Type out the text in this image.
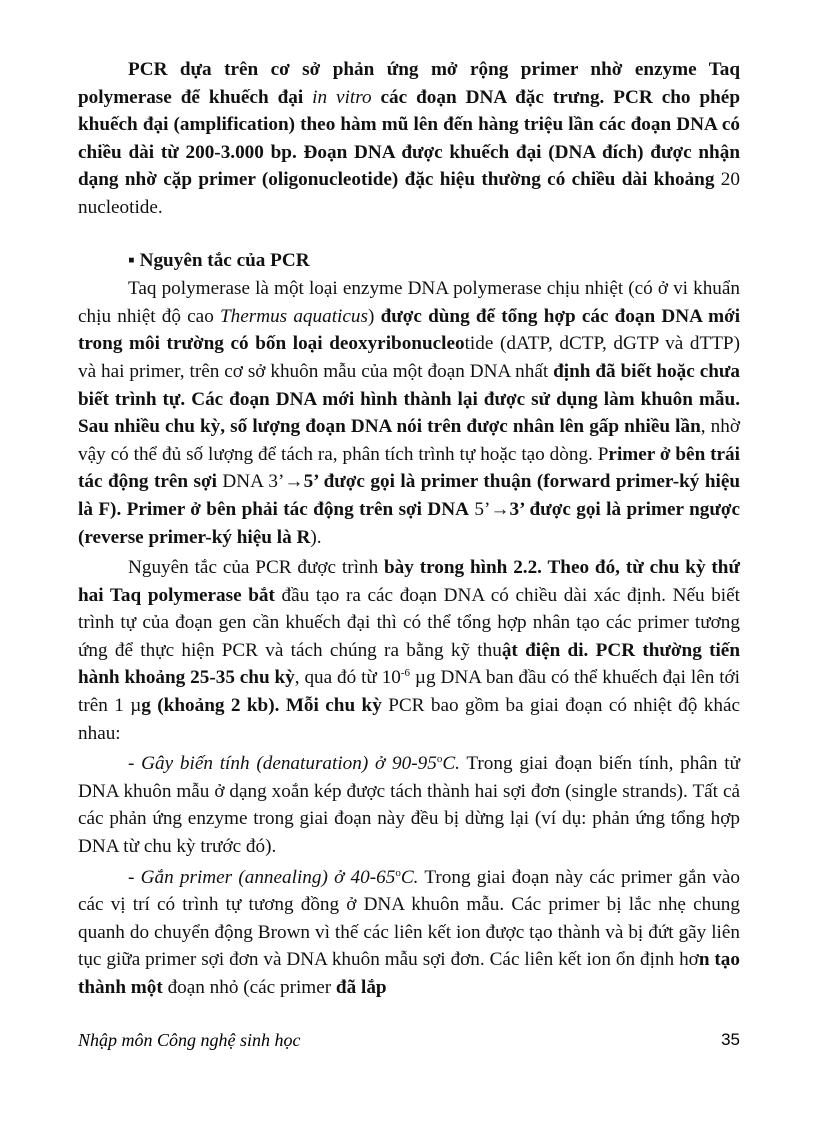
PCR dựa trên cơ sở phản ứng mở rộng primer nhờ enzyme Taq polymerase để khuếch đại in vitro các đoạn DNA đặc trưng. PCR cho phép khuếch đại (amplification) theo hàm mũ lên đến hàng triệu lần các đoạn DNA có chiều dài từ 200-3.000 bp. Đoạn DNA được khuếch đại (DNA đích) được nhận dạng nhờ cặp primer (oligonucleotide) đặc hiệu thường có chiều dài khoảng 20 nucleotide.

▪ Nguyên tắc của PCR

Taq polymerase là một loại enzyme DNA polymerase chịu nhiệt (có ở vi khuẩn chịu nhiệt độ cao Thermus aquaticus) được dùng để tổng hợp các đoạn DNA mới trong môi trường có bốn loại deoxyribonucleotide (dATP, dCTP, dGTP và dTTP) và hai primer, trên cơ sở khuôn mẫu của một đoạn DNA nhất định đã biết hoặc chưa biết trình tự. Các đoạn DNA mới hình thành lại được sử dụng làm khuôn mẫu. Sau nhiều chu kỳ, số lượng đoạn DNA nói trên được nhân lên gấp nhiều lần, nhờ vậy có thể đủ số lượng để tách ra, phân tích trình tự hoặc tạo dòng. Primer ở bên trái tác động trên sợi DNA 3’→5’ được gọi là primer thuận (forward primer-ký hiệu là F). Primer ở bên phải tác động trên sợi DNA 5’→3’ được gọi là primer ngược (reverse primer-ký hiệu là R).

Nguyên tắc của PCR được trình bày trong hình 2.2. Theo đó, từ chu kỳ thứ hai Taq polymerase bắt đầu tạo ra các đoạn DNA có chiều dài xác định. Nếu biết trình tự của đoạn gen cần khuếch đại thì có thể tổng hợp nhân tạo các primer tương ứng để thực hiện PCR và tách chúng ra bằng kỹ thuật điện di. PCR thường tiến hành khoảng 25-35 chu kỳ, qua đó từ $10^{-6}$ µg DNA ban đầu có thể khuếch đại lên tới trên 1 µg (khoảng 2 kb). Mỗi chu kỳ PCR bao gồm ba giai đoạn có nhiệt độ khác nhau:

- Gây biến tính (denaturation) ở 90-95$^o$C. Trong giai đoạn biến tính, phân tử DNA khuôn mẫu ở dạng xoắn kép được tách thành hai sợi đơn (single strands). Tất cả các phản ứng enzyme trong giai đoạn này đều bị dừng lại (ví dụ: phản ứng tổng hợp DNA từ chu kỳ trước đó).

- Gắn primer (annealing) ở 40-65$^o$C. Trong giai đoạn này các primer gắn vào các vị trí có trình tự tương đồng ở DNA khuôn mẫu. Các primer bị lắc nhẹ chung quanh do chuyển động Brown vì thế các liên kết ion được tạo thành và bị đứt gãy liên tục giữa primer sợi đơn và DNA khuôn mẫu sợi đơn. Các liên kết ion ổn định hơn tạo thành một đoạn nhỏ (các primer đã lắp

Nhập môn Công nghệ sinh học	35
